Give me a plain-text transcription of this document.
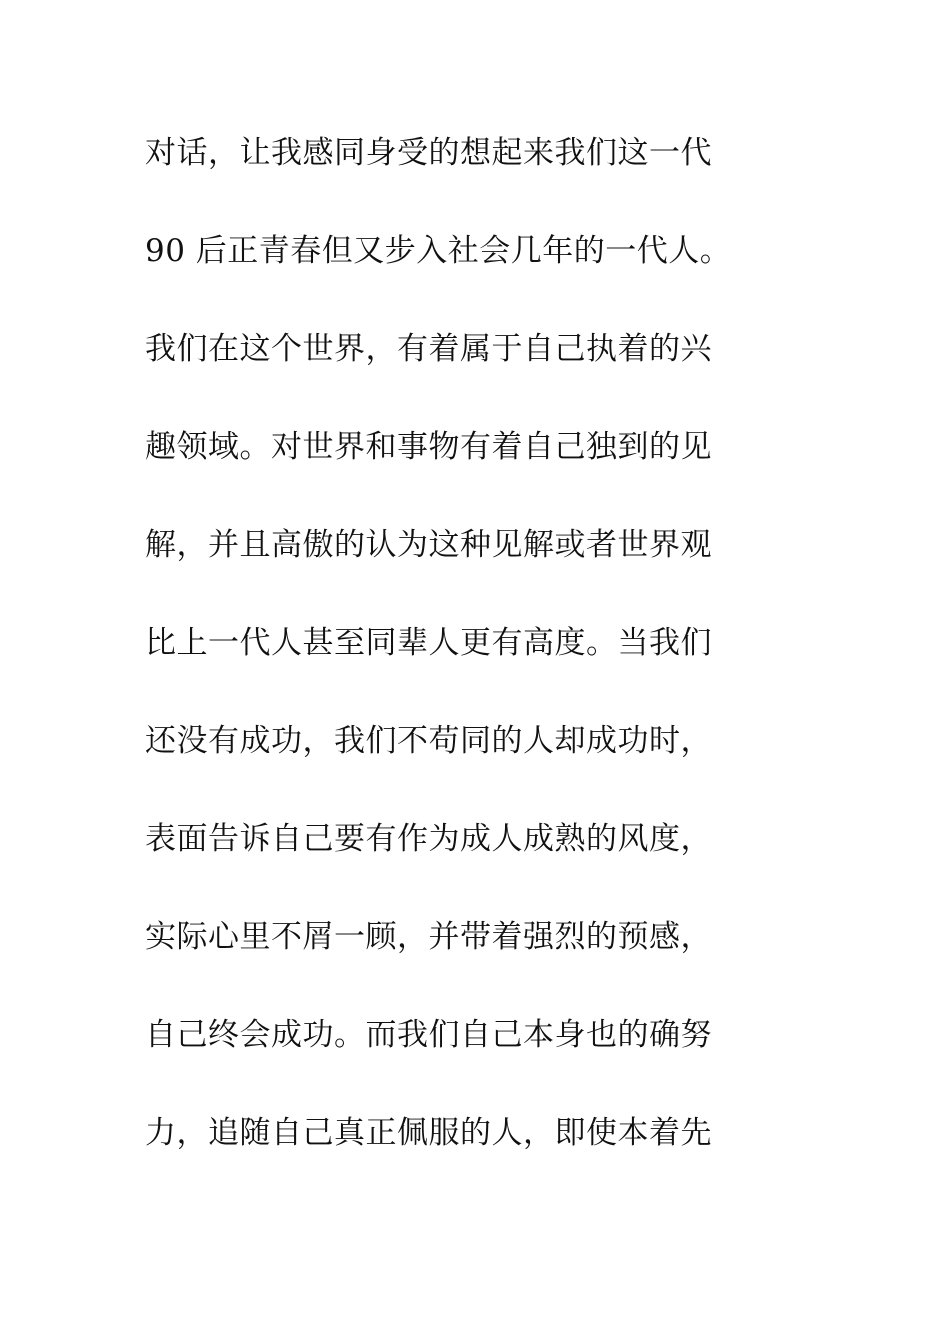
对话，让我感同身受的想起来我们这一代
90 后正青春但又步入社会几年的一代人。
我们在这个世界，有着属于自己执着的兴
趣领域。对世界和事物有着自己独到的见
解，并且高傲的认为这种见解或者世界观
比上一代人甚至同辈人更有高度。当我们
还没有成功，我们不苟同的人却成功时，
表面告诉自己要有作为成人成熟的风度，
实际心里不屑一顾，并带着强烈的预感，
自己终会成功。而我们自己本身也的确努
力，追随自己真正佩服的人，即使本着先
